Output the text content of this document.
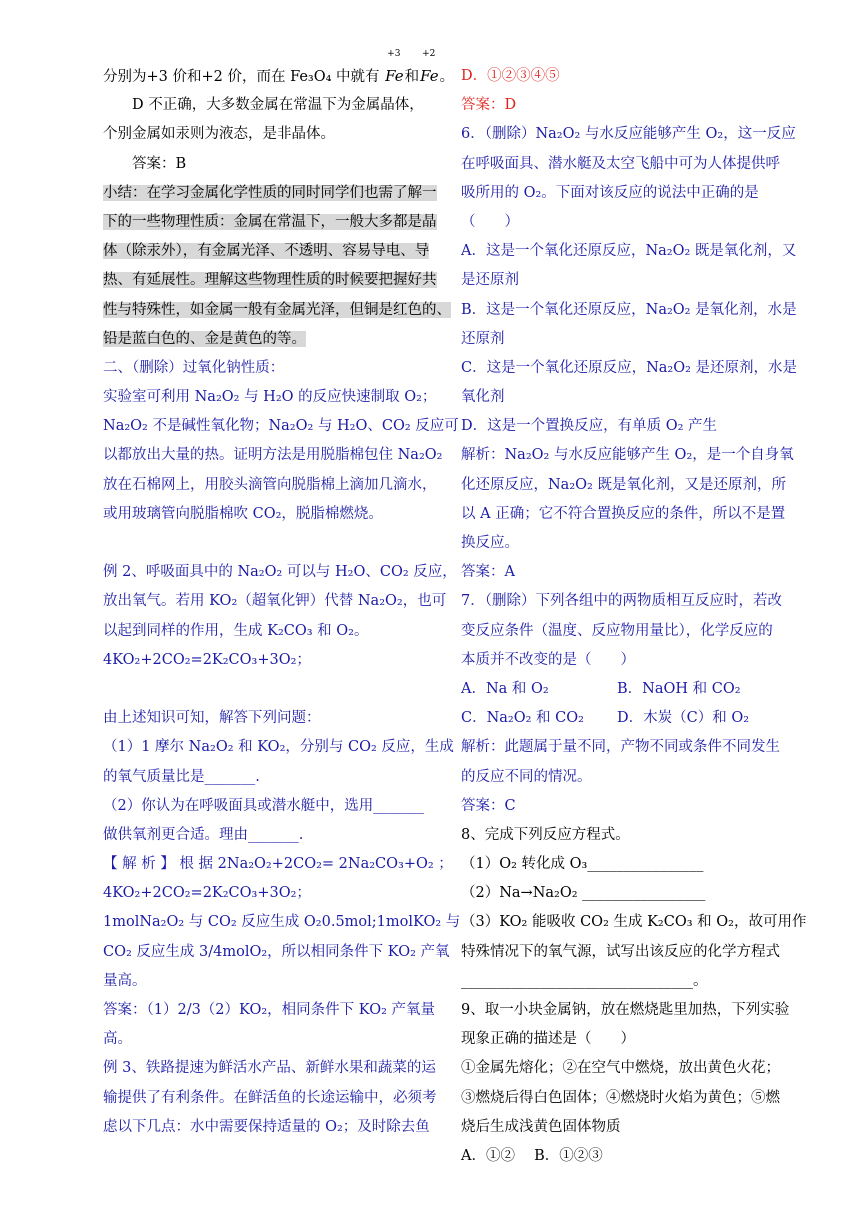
分别为+3 价和+2 价，而在 Fe₃O₄ 中就有
+3
Fe和
+2
Fe。
D 不正确，大多数金属在常温下为金属晶体，
个别金属如汞则为液态，是非晶体。
答案：B
小结：在学习金属化学性质的同时同学们也需了解一
下的一些物理性质：金属在常温下，一般大多都是晶
体（除汞外），有金属光泽、不透明、容易导电、导
热、有延展性。理解这些物理性质的时候要把握好共
性与特殊性，如金属一般有金属光泽，但铜是红色的、
铅是蓝白色的、金是黄色的等。
二、（删除）过氧化钠性质：
实验室可利用 Na₂O₂ 与 H₂O 的反应快速制取 O₂；
Na₂O₂ 不是碱性氧化物；Na₂O₂ 与 H₂O、CO₂ 反应可
以都放出大量的热。证明方法是用脱脂棉包住 Na₂O₂
放在石棉网上，用胶头滴管向脱脂棉上滴加几滴水，
或用玻璃管向脱脂棉吹 CO₂，脱脂棉燃烧。
例 2、呼吸面具中的 Na₂O₂ 可以与 H₂O、CO₂ 反应，
放出氧气。若用 KO₂（超氧化钾）代替 Na₂O₂，也可
以起到同样的作用，生成 K₂CO₃ 和 O₂。
4KO₂+2CO₂=2K₂CO₃+3O₂；
由上述知识可知，解答下列问题：
（1）1 摩尔 Na₂O₂ 和 KO₂，分别与 CO₂ 反应，生成
的氧气质量比是_______.
（2）你认为在呼吸面具或潜水艇中，选用_______
做供氧剂更合适。理由_______.
【 解 析 】 根 据 2Na₂O₂+2CO₂= 2Na₂CO₃+O₂ ；
4KO₂+2CO₂=2K₂CO₃+3O₂；
1molNa₂O₂ 与 CO₂ 反应生成 O₂0.5mol;1molKO₂ 与
CO₂ 反应生成 3/4molO₂，所以相同条件下 KO₂ 产氧
量高。
答案：（1）2/3（2）KO₂，相同条件下 KO₂ 产氧量
高。
例 3、铁路提速为鲜活水产品、新鲜水果和蔬菜的运
输提供了有利条件。在鲜活鱼的长途运输中，必须考
虑以下几点：水中需要保持适量的 O₂；及时除去鱼
D．①②③④⑤
答案：D
6．（删除）Na₂O₂ 与水反应能够产生 O₂，这一反应
在呼吸面具、潜水艇及太空飞船中可为人体提供呼
吸所用的 O₂。下面对该反应的说法中正确的是
（　　）
A．这是一个氧化还原反应，Na₂O₂ 既是氧化剂，又
是还原剂
B．这是一个氧化还原反应，Na₂O₂ 是氧化剂，水是
还原剂
C．这是一个氧化还原反应，Na₂O₂ 是还原剂，水是
氧化剂
D．这是一个置换反应，有单质 O₂ 产生
解析：Na₂O₂ 与水反应能够产生 O₂，是一个自身氧
化还原反应，Na₂O₂ 既是氧化剂，又是还原剂，所
以 A 正确；它不符合置换反应的条件，所以不是置
换反应。
答案：A
7．（删除）下列各组中的两物质相互反应时，若改
变反应条件（温度、反应物用量比），化学反应的
本质并不改变的是（　　）
A．Na 和 O₂	B．NaOH 和 CO₂
C．Na₂O₂ 和 CO₂	D．木炭（C）和 O₂
解析：此题属于量不同，产物不同或条件不同发生
的反应不同的情况。
答案：C
8、完成下列反应方程式。
（1）O₂ 转化成 O₃________________
（2）Na→Na₂O₂ _________________
（3）KO₂ 能吸收 CO₂ 生成 K₂CO₃ 和 O₂，故可用作
特殊情况下的氧气源，试写出该反应的化学方程式
________________________________。
9、取一小块金属钠，放在燃烧匙里加热，下列实验
现象正确的描述是（　　）
①金属先熔化；②在空气中燃烧，放出黄色火花；
③燃烧后得白色固体；④燃烧时火焰为黄色；⑤燃
烧后生成浅黄色固体物质
A．①②　 B．①②③
